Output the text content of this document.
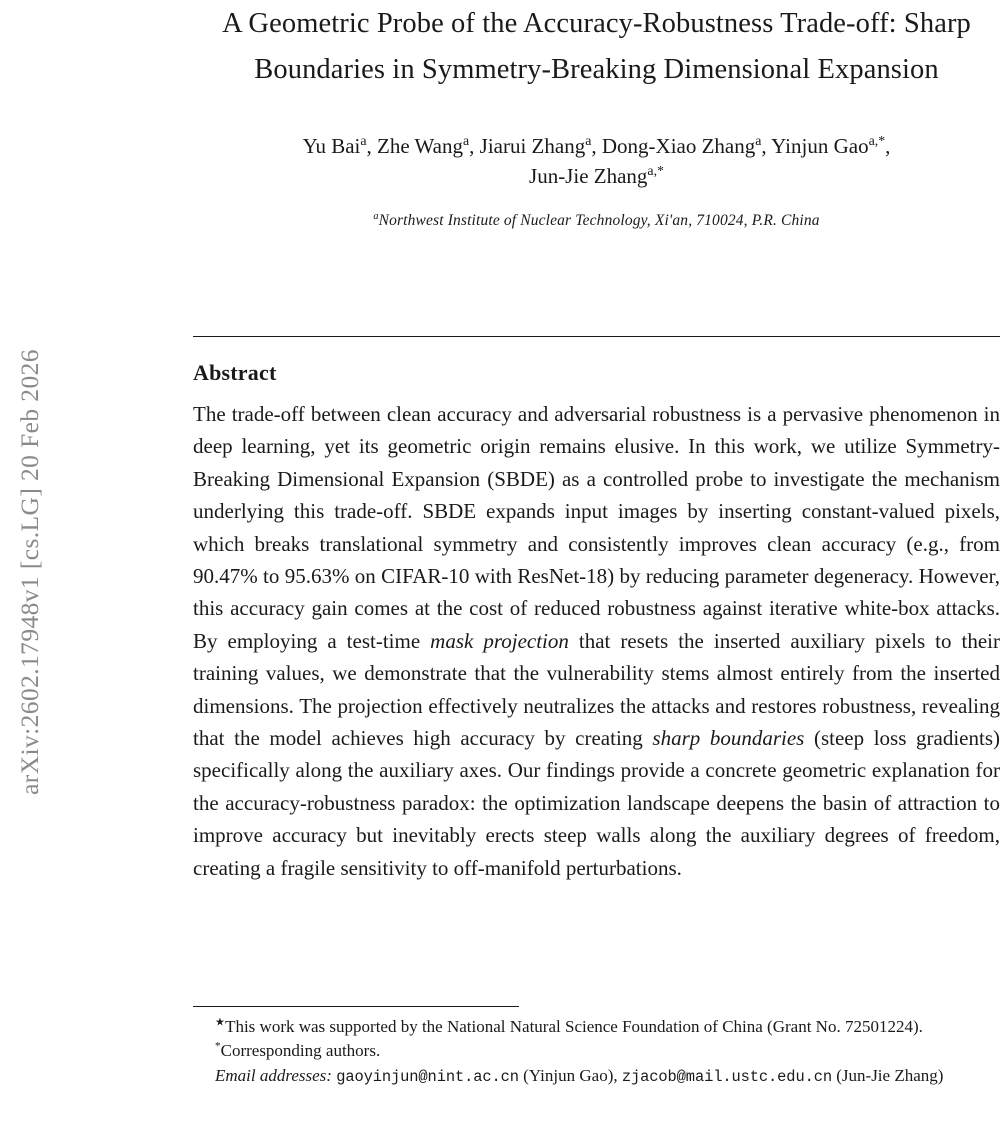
arXiv:2602.17948v1 [cs.LG] 20 Feb 2026
A Geometric Probe of the Accuracy-Robustness Trade-off: Sharp Boundaries in Symmetry-Breaking Dimensional Expansion
Yu Bai$^a$, Zhe Wang$^a$, Jiarui Zhang$^a$, Dong-Xiao Zhang$^a$, Yinjun Gao$^{a,*}$,
Jun-Jie Zhang$^{a,*}$
$^a$Northwest Institute of Nuclear Technology, Xi'an, 710024, P.R. China
Abstract

The trade-off between clean accuracy and adversarial robustness is a pervasive phenomenon in deep learning, yet its geometric origin remains elusive. In this work, we utilize Symmetry-Breaking Dimensional Expansion (SBDE) as a controlled probe to investigate the mechanism underlying this trade-off. SBDE expands input images by inserting constant-valued pixels, which breaks translational symmetry and consistently improves clean accuracy (e.g., from 90.47% to 95.63% on CIFAR-10 with ResNet-18) by reducing parameter degeneracy. However, this accuracy gain comes at the cost of reduced robustness against iterative white-box attacks. By employing a test-time mask projection that resets the inserted auxiliary pixels to their training values, we demonstrate that the vulnerability stems almost entirely from the inserted dimensions. The projection effectively neutralizes the attacks and restores robustness, revealing that the model achieves high accuracy by creating sharp boundaries (steep loss gradients) specifically along the auxiliary axes. Our findings provide a concrete geometric explanation for the accuracy-robustness paradox: the optimization landscape deepens the basin of attraction to improve accuracy but inevitably erects steep walls along the auxiliary degrees of freedom, creating a fragile sensitivity to off-manifold perturbations.

★This work was supported by the National Natural Science Foundation of China (Grant No. 72501224).

*Corresponding authors.

Email addresses: gaoyinjun@nint.ac.cn (Yinjun Gao), zjacob@mail.ustc.edu.cn (Jun-Jie Zhang)
